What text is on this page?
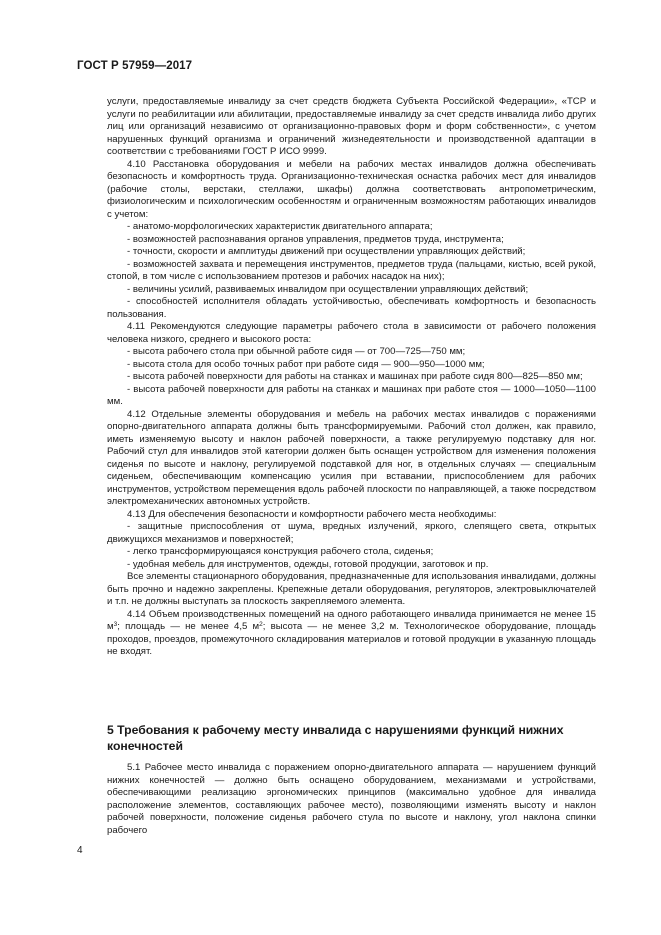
ГОСТ Р 57959—2017

услуги, предоставляемые инвалиду за счет средств бюджета Субъекта Российской Федерации», «ТСР и услуги по реабилитации или абилитации, предоставляемые инвалиду за счет средств инвалида либо других лиц или организаций независимо от организационно-правовых форм и форм собственности», с учетом нарушенных функций организма и ограничений жизнедеятельности и производственной адаптации в соответствии с требованиями ГОСТ Р ИСО 9999.

4.10 Расстановка оборудования и мебели на рабочих местах инвалидов должна обеспечивать безопасность и комфортность труда. Организационно-техническая оснастка рабочих мест для инвалидов (рабочие столы, верстаки, стеллажи, шкафы) должна соответствовать антропометрическим, физиологическим и психологическим особенностям и ограниченным возможностям работающих инвалидов с учетом:

- анатомо-морфологических характеристик двигательного аппарата;

- возможностей распознавания органов управления, предметов труда, инструмента;

- точности, скорости и амплитуды движений при осуществлении управляющих действий;

- возможностей захвата и перемещения инструментов, предметов труда (пальцами, кистью, всей рукой, стопой, в том числе с использованием протезов и рабочих насадок на них);

- величины усилий, развиваемых инвалидом при осуществлении управляющих действий;

- способностей исполнителя обладать устойчивостью, обеспечивать комфортность и безопасность пользования.

4.11 Рекомендуются следующие параметры рабочего стола в зависимости от рабочего положения человека низкого, среднего и высокого роста:

- высота рабочего стола при обычной работе сидя — от 700—725—750 мм;

- высота стола для особо точных работ при работе сидя — 900—950—1000 мм;

- высота рабочей поверхности для работы на станках и машинах при работе сидя 800—825—850 мм;

- высота рабочей поверхности для работы на станках и машинах при работе стоя — 1000—1050—1100 мм.

4.12 Отдельные элементы оборудования и мебель на рабочих местах инвалидов с поражениями опорно-двигательного аппарата должны быть трансформируемыми. Рабочий стол должен, как правило, иметь изменяемую высоту и наклон рабочей поверхности, а также регулируемую подставку для ног. Рабочий стул для инвалидов этой категории должен быть оснащен устройством для изменения положения сиденья по высоте и наклону, регулируемой подставкой для ног, в отдельных случаях — специальным сиденьем, обеспечивающим компенсацию усилия при вставании, приспособлением для рабочих инструментов, устройством перемещения вдоль рабочей плоскости по направляющей, а также посредством электромеханических автономных устройств.

4.13 Для обеспечения безопасности и комфортности рабочего места необходимы:

- защитные приспособления от шума, вредных излучений, яркого, слепящего света, открытых движущихся механизмов и поверхностей;

- легко трансформирующаяся конструкция рабочего стола, сиденья;

- удобная мебель для инструментов, одежды, готовой продукции, заготовок и пр.

Все элементы стационарного оборудования, предназначенные для использования инвалидами, должны быть прочно и надежно закреплены. Крепежные детали оборудования, регуляторов, электровыключателей и т.п. не должны выступать за плоскость закрепляемого элемента.

4.14 Объем производственных помещений на одного работающего инвалида принимается не менее 15 $м^3$; площадь — не менее 4,5 $м^2$; высота — не менее 3,2 м. Технологическое оборудование, площадь проходов, проездов, промежуточного складирования материалов и готовой продукции в указанную площадь не входят.

5 Требования к рабочему месту инвалида с нарушениями функций нижних конечностей

5.1 Рабочее место инвалида с поражением опорно-двигательного аппарата — нарушением функций нижних конечностей — должно быть оснащено оборудованием, механизмами и устройствами, обеспечивающими реализацию эргономических принципов (максимально удобное для инвалида расположение элементов, составляющих рабочее место), позволяющими изменять высоту и наклон рабочей поверхности, положение сиденья рабочего стула по высоте и наклону, угол наклона спинки рабочего

4
